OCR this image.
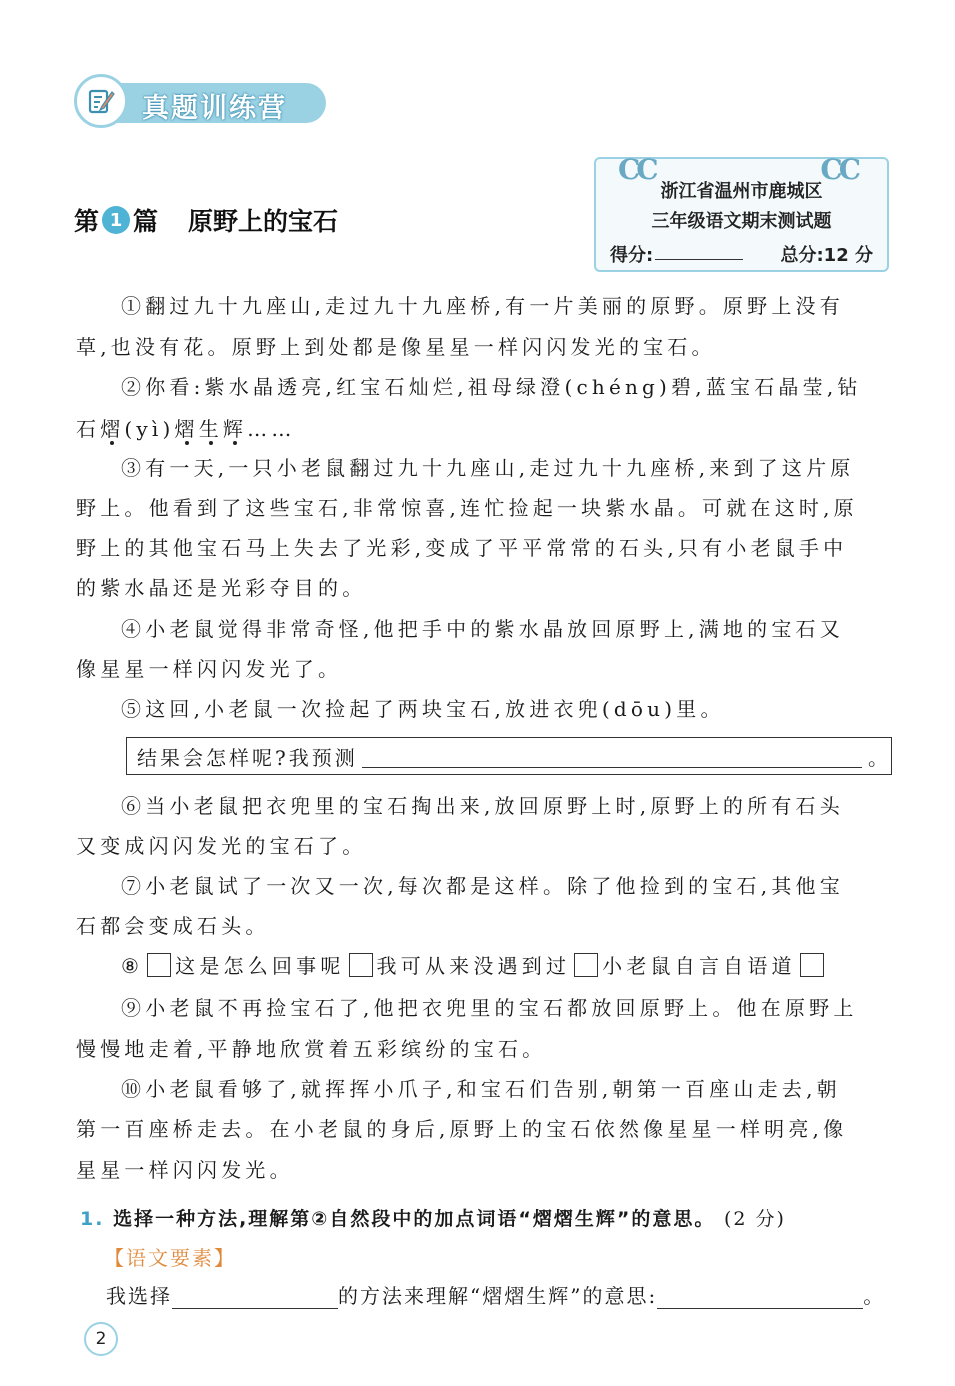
真题训练营
第 1 篇 原野上的宝石
CC	CC
浙江省温州市鹿城区
三年级语文期末测试题
得分:	总分:12 分
①翻过九十九座山,走过九十九座桥,有一片美丽的原野。原野上没有
草,也没有花。原野上到处都是像星星一样闪闪发光的宝石。
②你看:紫水晶透亮,红宝石灿烂,祖母绿澄(chéng)碧,蓝宝石晶莹,钻
石熠(yì)熠生辉……
③有一天,一只小老鼠翻过九十九座山,走过九十九座桥,来到了这片原
野上。他看到了这些宝石,非常惊喜,连忙捡起一块紫水晶。可就在这时,原
野上的其他宝石马上失去了光彩,变成了平平常常的石头,只有小老鼠手中
的紫水晶还是光彩夺目的。
④小老鼠觉得非常奇怪,他把手中的紫水晶放回原野上,满地的宝石又
像星星一样闪闪发光了。
⑤这回,小老鼠一次捡起了两块宝石,放进衣兜(dōu)里。
结果会怎样呢?我预测	。
⑥当小老鼠把衣兜里的宝石掏出来,放回原野上时,原野上的所有石头
又变成闪闪发光的宝石了。
⑦小老鼠试了一次又一次,每次都是这样。除了他捡到的宝石,其他宝
石都会变成石头。
⑧ 这是怎么回事呢 我可从来没遇到过 小老鼠自言自语道
⑨小老鼠不再捡宝石了,他把衣兜里的宝石都放回原野上。他在原野上
慢慢地走着,平静地欣赏着五彩缤纷的宝石。
⑩小老鼠看够了,就挥挥小爪子,和宝石们告别,朝第一百座山走去,朝
第一百座桥走去。在小老鼠的身后,原野上的宝石依然像星星一样明亮,像
星星一样闪闪发光。
1. 选择一种方法,理解第②自然段中的加点词语“熠熠生辉”的意思。 (2 分)
【语文要素】
我选择	的方法来理解“熠熠生辉”的意思:	。
2
